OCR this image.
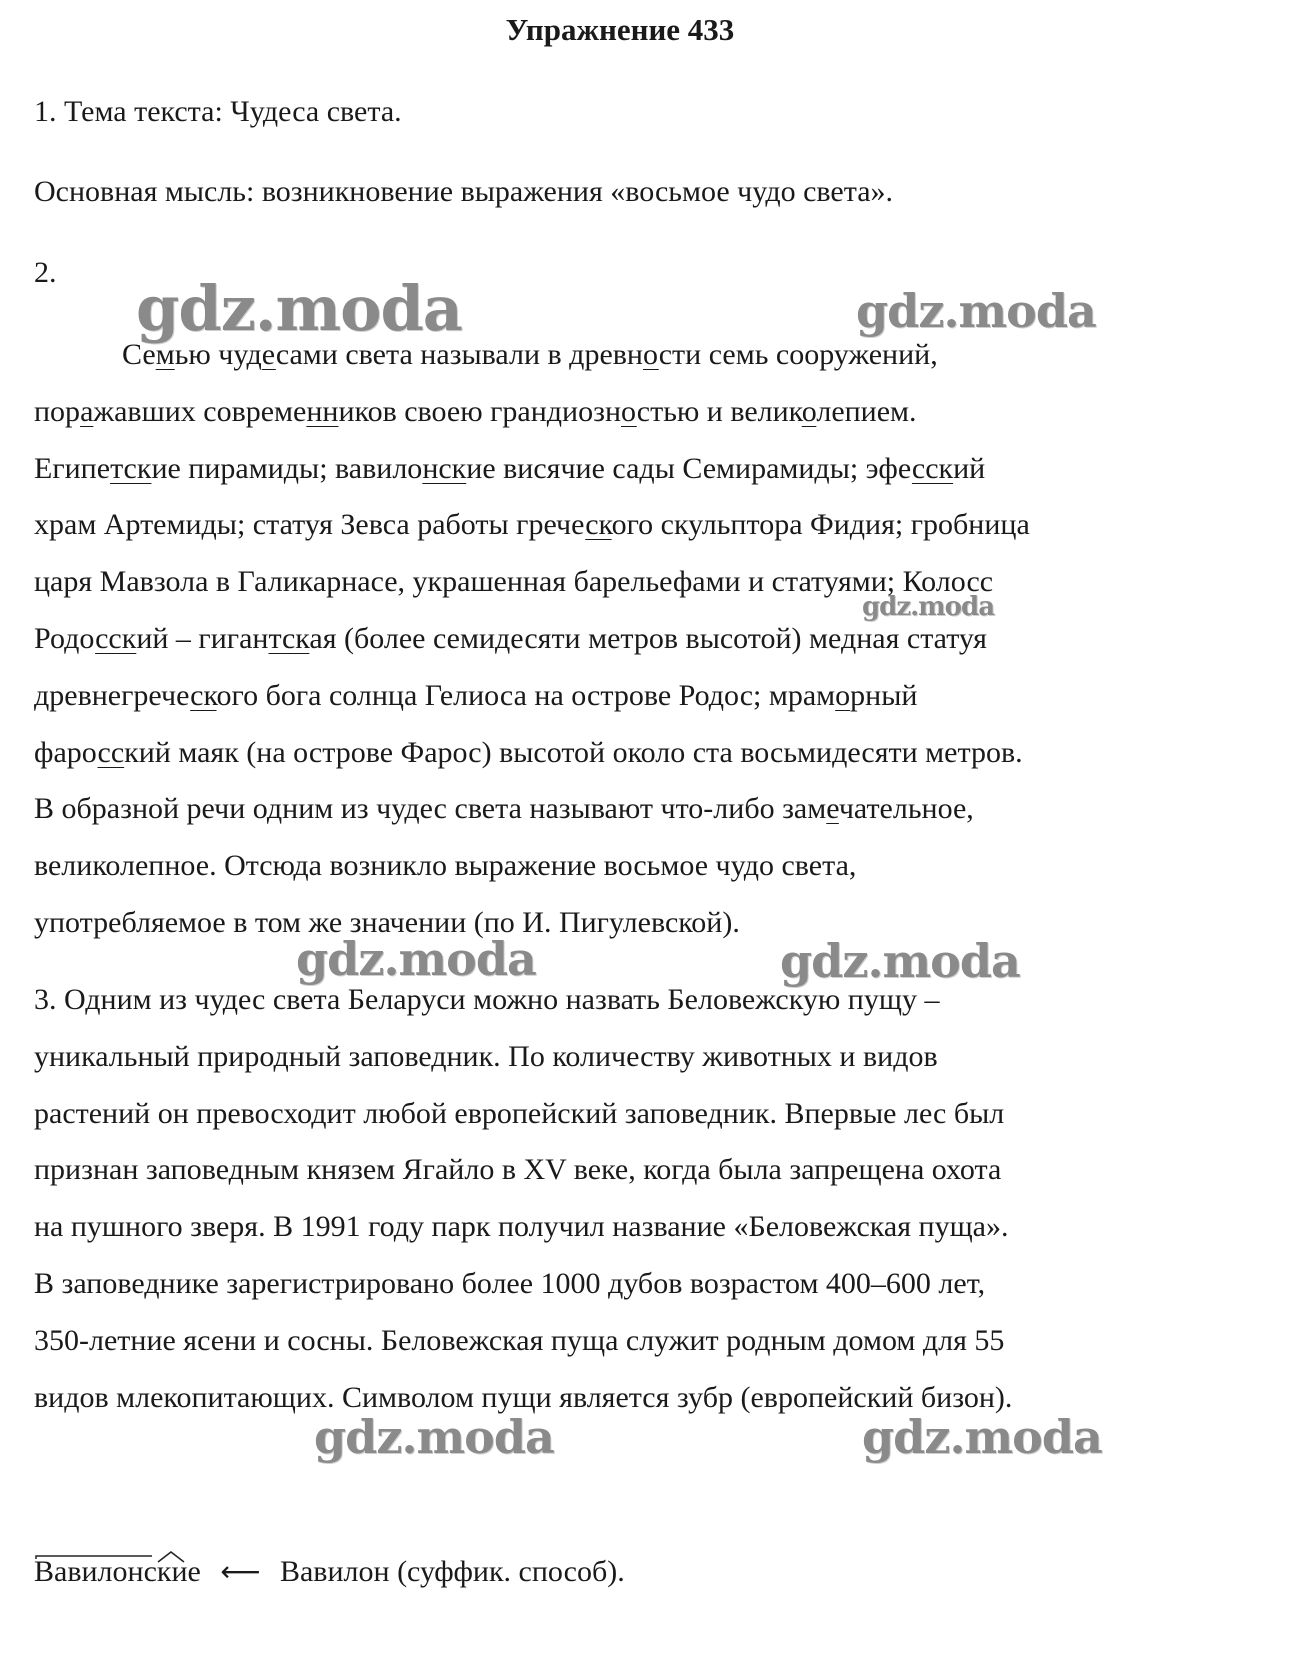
Упражнение 433
1. Тема текста: Чудеса света.
Основная мысль: возникновение выражения «восьмое чудо света».
2.
Семью чудесами света называли в древности семь сооружений,
поражавших современников своею грандиозностью и великолепием.
Египетские пирамиды; вавилонские висячие сады Семирамиды; эфесский
храм Артемиды; статуя Зевса работы греческого скульптора Фидия; гробница
царя Мавзола в Галикарнасе, украшенная барельефами и статуями; Колосс
Родосский – гигантская (более семидесяти метров высотой) медная статуя
древнегреческого бога солнца Гелиоса на острове Родос; мраморный
фаросский маяк (на острове Фарос) высотой около ста восьмидесяти метров.
В образной речи одним из чудес света называют что-либо замечательное,
великолепное. Отсюда возникло выражение восьмое чудо света,
употребляемое в том же значении (по И. Пигулевской).
3. Одним из чудес света Беларуси можно назвать Беловежскую пущу –
уникальный природный заповедник. По количеству животных и видов
растений он превосходит любой европейский заповедник. Впервые лес был
признан заповедным князем Ягайло в XV веке, когда была запрещена охота
на пушного зверя. В 1991 году парк получил название «Беловежская пуща».
В заповеднике зарегистрировано более 1000 дубов возрастом 400–600 лет,
350-летние ясени и сосны. Беловежская пуща служит родным домом для 55
видов млекопитающих. Символом пущи является зубр (европейский бизон).
gdz.moda	gdz.moda
gdz.moda
gdz.moda	gdz.moda
gdz.moda	gdz.moda
Вавилонские ⟵ Вавилон (суффик. способ).
